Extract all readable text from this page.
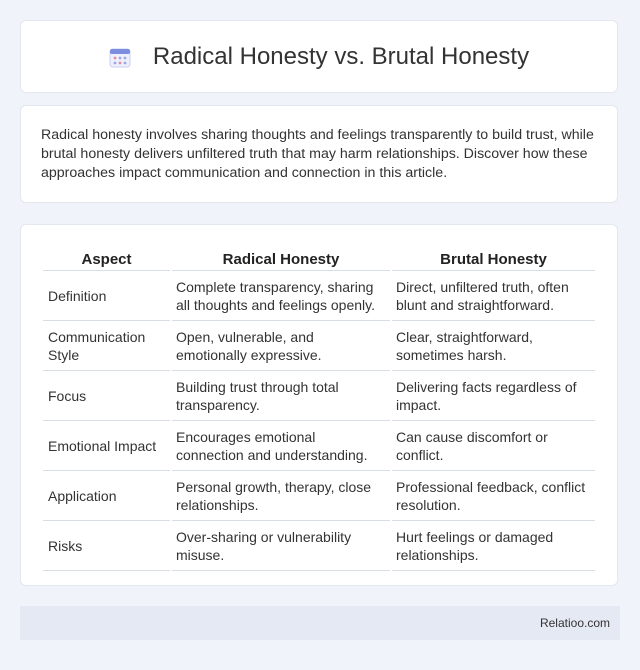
Radical Honesty vs. Brutal Honesty

Radical honesty involves sharing thoughts and feelings transparently to build trust, while brutal honesty delivers unfiltered truth that may harm relationships. Discover how these approaches impact communication and connection in this article.

Aspect	Radical Honesty	Brutal Honesty
Definition	Complete transparency, sharing all thoughts and feelings openly.	Direct, unfiltered truth, often blunt and straightforward.
Communication Style	Open, vulnerable, and emotionally expressive.	Clear, straightforward, sometimes harsh.
Focus	Building trust through total transparency.	Delivering facts regardless of impact.
Emotional Impact	Encourages emotional connection and understanding.	Can cause discomfort or conflict.
Application	Personal growth, therapy, close relationships.	Professional feedback, conflict resolution.
Risks	Over-sharing or vulnerability misuse.	Hurt feelings or damaged relationships.
Relatioo.com
